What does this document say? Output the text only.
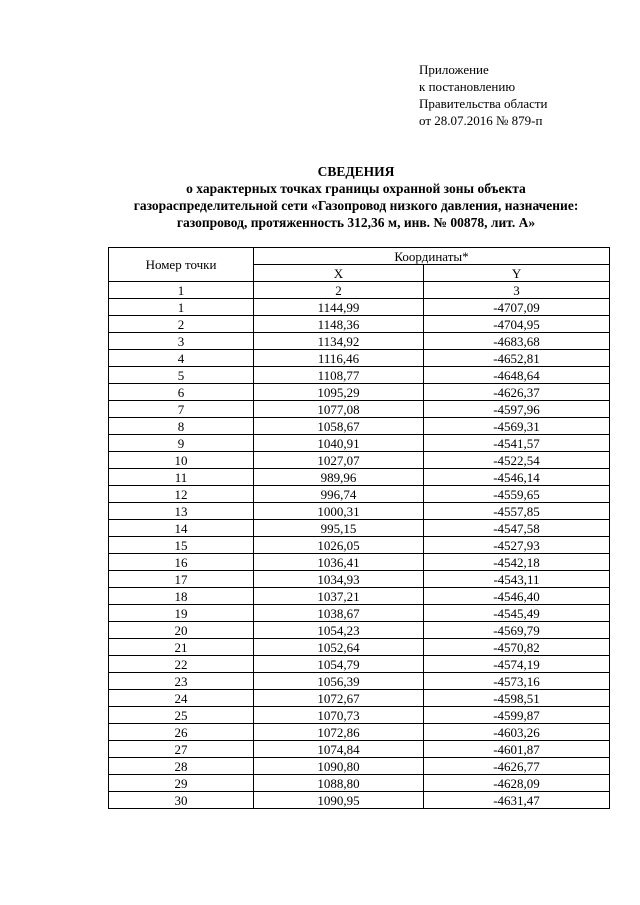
Приложение
к постановлению
Правительства области
от 28.07.2016 № 879-п
СВЕДЕНИЯ
о характерных точках границы охранной зоны объекта
газораспределительной сети «Газопровод низкого давления, назначение:
газопровод, протяженность 312,36 м, инв. № 00878, лит. А»
Номер точки	Координаты*	
	X	Y
1	2	3
1	1144,99	-4707,09
2	1148,36	-4704,95
3	1134,92	-4683,68
4	1116,46	-4652,81
5	1108,77	-4648,64
6	1095,29	-4626,37
7	1077,08	-4597,96
8	1058,67	-4569,31
9	1040,91	-4541,57
10	1027,07	-4522,54
11	989,96	-4546,14
12	996,74	-4559,65
13	1000,31	-4557,85
14	995,15	-4547,58
15	1026,05	-4527,93
16	1036,41	-4542,18
17	1034,93	-4543,11
18	1037,21	-4546,40
19	1038,67	-4545,49
20	1054,23	-4569,79
21	1052,64	-4570,82
22	1054,79	-4574,19
23	1056,39	-4573,16
24	1072,67	-4598,51
25	1070,73	-4599,87
26	1072,86	-4603,26
27	1074,84	-4601,87
28	1090,80	-4626,77
29	1088,80	-4628,09
30	1090,95	-4631,47
